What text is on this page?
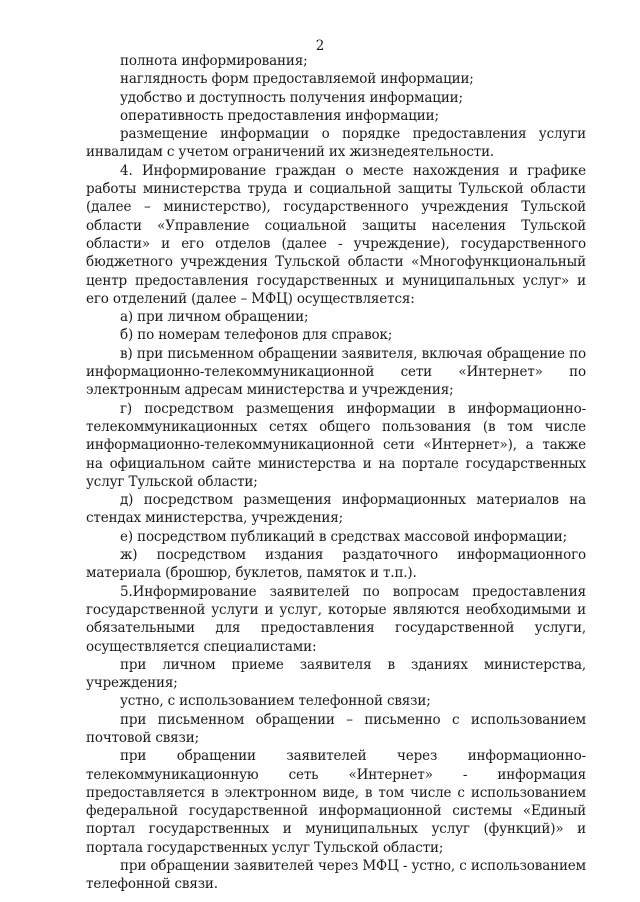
2

полнота информирования;

наглядность форм предоставляемой информации;

удобство и доступность получения информации;

оперативность предоставления информации;

размещение информации о порядке предоставления услуги инвалидам с учетом ограничений их жизнедеятельности.

4. Информирование граждан о месте нахождения и графике работы министерства труда и социальной защиты Тульской области (далее – министерство), государственного учреждения Тульской области «Управление социальной защиты населения Тульской области» и его отделов (далее - учреждение), государственного бюджетного учреждения Тульской области «Многофункциональный центр предоставления государственных и муниципальных услуг» и его отделений (далее – МФЦ) осуществляется:

а) при личном обращении;

б) по номерам телефонов для справок;

в) при письменном обращении заявителя, включая обращение по информационно-телекоммуникационной сети «Интернет» по электронным адресам министерства и учреждения;

г) посредством размещения информации в информационно-телекоммуникационных сетях общего пользования (в том числе информационно-телекоммуникационной сети «Интернет»), а также на официальном сайте министерства и на портале государственных услуг Тульской области;

д) посредством размещения информационных материалов на стендах министерства, учреждения;

е) посредством публикаций в средствах массовой информации;

ж) посредством издания раздаточного информационного материала (брошюр, буклетов, памяток и т.п.).

5.Информирование заявителей по вопросам предоставления государственной услуги и услуг, которые являются необходимыми и обязательными для предоставления государственной услуги, осуществляется специалистами:

при личном приеме заявителя в зданиях министерства, учреждения;

устно, с использованием телефонной связи;

при письменном обращении – письменно с использованием почтовой связи;

при обращении заявителей через информационно-телекоммуникационную сеть «Интернет» - информация предоставляется в электронном виде, в том числе с использованием федеральной государственной информационной системы «Единый портал государственных и муниципальных услуг (функций)» и портала государственных услуг Тульской области;

при обращении заявителей через МФЦ - устно, с использованием телефонной связи.
